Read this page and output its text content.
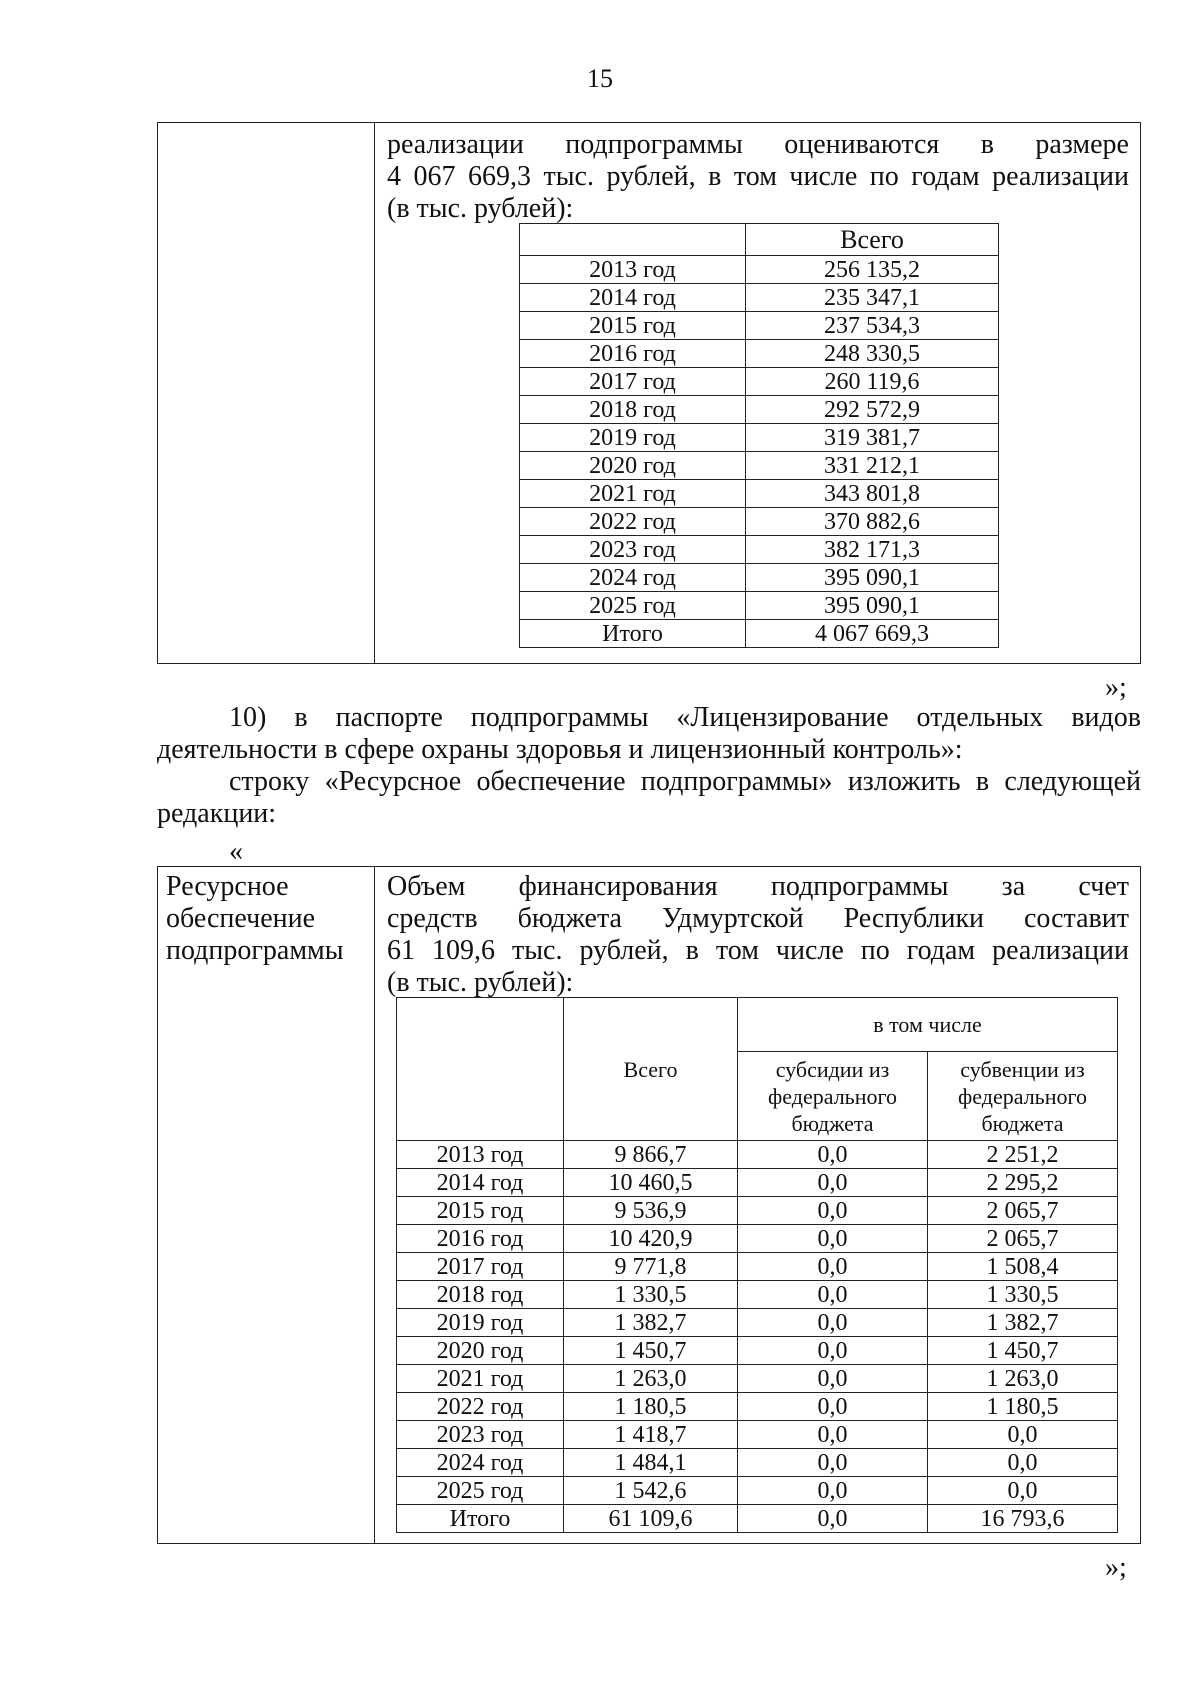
15
реализации подпрограммы оцениваются в размере
4 067 669,3 тыс. рублей, в том числе по годам реализации
(в тыс. рублей):
	Всего
2013 год	256 135,2
2014 год	235 347,1
2015 год	237 534,3
2016 год	248 330,5
2017 год	260 119,6
2018 год	292 572,9
2019 год	319 381,7
2020 год	331 212,1
2021 год	343 801,8
2022 год	370 882,6
2023 год	382 171,3
2024 год	395 090,1
2025 год	395 090,1
Итого	4 067 669,3
»;
10) в паспорте подпрограммы «Лицензирование отдельных видов
деятельности в сфере охраны здоровья и лицензионный контроль»:
строку «Ресурсное обеспечение подпрограммы» изложить в следующей
редакции:
«
Ресурсное
обеспечение
подпрограммы
Объем финансирования подпрограммы за счет
средств бюджета Удмуртской Республики составит
61 109,6 тыс. рублей, в том числе по годам реализации
(в тыс. рублей):
	Всего	в том числе	

		субсидии из федерального бюджета	субвенции из федерального бюджета

2013 год	9 866,7	0,0	2 251,2
2014 год	10 460,5	0,0	2 295,2
2015 год	9 536,9	0,0	2 065,7
2016 год	10 420,9	0,0	2 065,7
2017 год	9 771,8	0,0	1 508,4
2018 год	1 330,5	0,0	1 330,5
2019 год	1 382,7	0,0	1 382,7
2020 год	1 450,7	0,0	1 450,7
2021 год	1 263,0	0,0	1 263,0
2022 год	1 180,5	0,0	1 180,5
2023 год	1 418,7	0,0	0,0
2024 год	1 484,1	0,0	0,0
2025 год	1 542,6	0,0	0,0
Итого	61 109,6	0,0	16 793,6
»;
